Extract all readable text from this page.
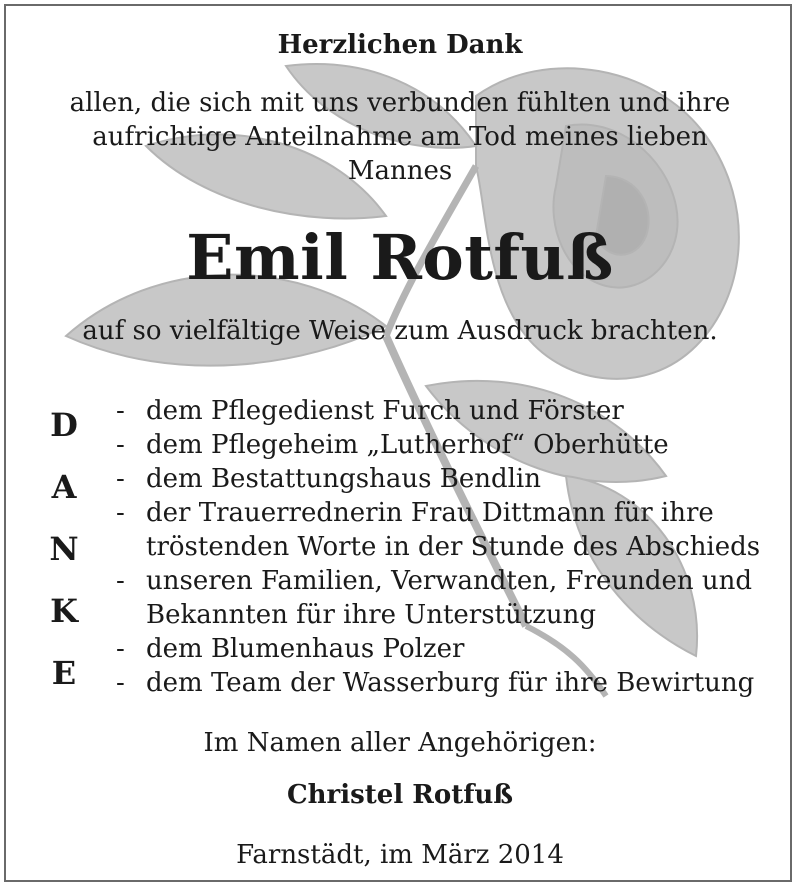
Herzlichen Dank
allen, die sich mit uns verbunden fühlten und ihre
aufrichtige Anteilnahme am Tod meines lieben
Mannes
Emil Rotfuß
auf so vielfältige Weise zum Ausdruck brachten.
D
A
N
K
E
- dem Pflegedienst Furch und Förster
- dem Pflegeheim „Lutherhof“ Oberhütte
- dem Bestattungshaus Bendlin
- der Trauerrednerin Frau Dittmann für ihre tröstenden Worte in der Stunde des Abschieds
- unseren Familien, Verwandten, Freunden und Bekannten für ihre Unterstützung
- dem Blumenhaus Polzer
- dem Team der Wasserburg für ihre Bewirtung
Im Namen aller Angehörigen:
Christel Rotfuß
Farnstädt, im März 2014
